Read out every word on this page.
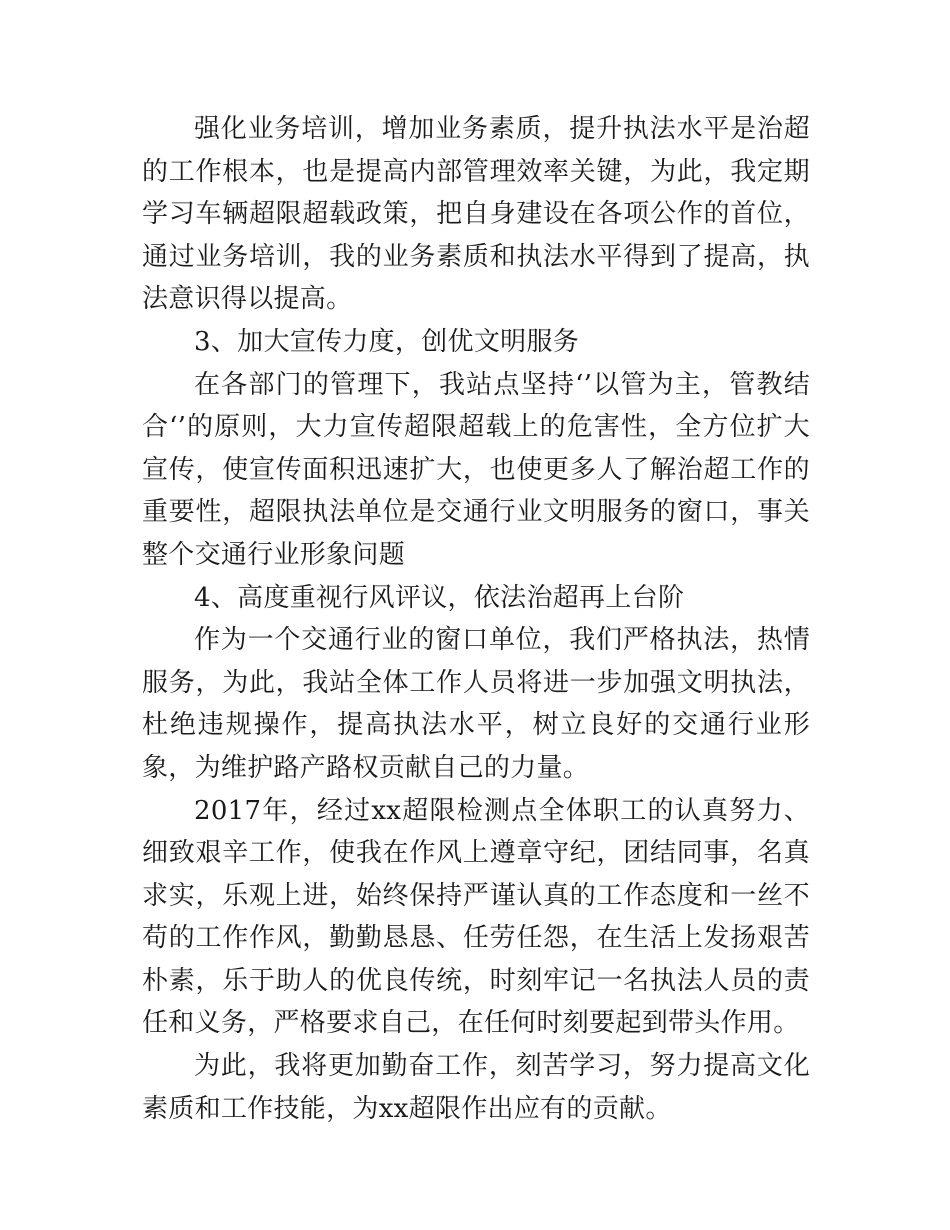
强化业务培训，增加业务素质，提升执法水平是治超的工作根本，也是提高内部管理效率关键，为此，我定期学习车辆超限超载政策，把自身建设在各项公作的首位，通过业务培训，我的业务素质和执法水平得到了提高，执法意识得以提高。

3、加大宣传力度，创优文明服务

在各部门的管理下，我站点坚持‘’以管为主，管教结合‘’的原则，大力宣传超限超载上的危害性，全方位扩大宣传，使宣传面积迅速扩大，也使更多人了解治超工作的重要性，超限执法单位是交通行业文明服务的窗口，事关整个交通行业形象问题

4、高度重视行风评议，依法治超再上台阶

作为一个交通行业的窗口单位，我们严格执法，热情服务，为此，我站全体工作人员将进一步加强文明执法，杜绝违规操作，提高执法水平，树立良好的交通行业形象，为维护路产路权贡献自己的力量。

2017年，经过xx超限检测点全体职工的认真努力、细致艰辛工作，使我在作风上遵章守纪，团结同事，名真求实，乐观上进，始终保持严谨认真的工作态度和一丝不苟的工作作风，勤勤恳恳、任劳任怨，在生活上发扬艰苦朴素，乐于助人的优良传统，时刻牢记一名执法人员的责任和义务，严格要求自己，在任何时刻要起到带头作用。

为此，我将更加勤奋工作，刻苦学习，努力提高文化素质和工作技能，为xx超限作出应有的贡献。
